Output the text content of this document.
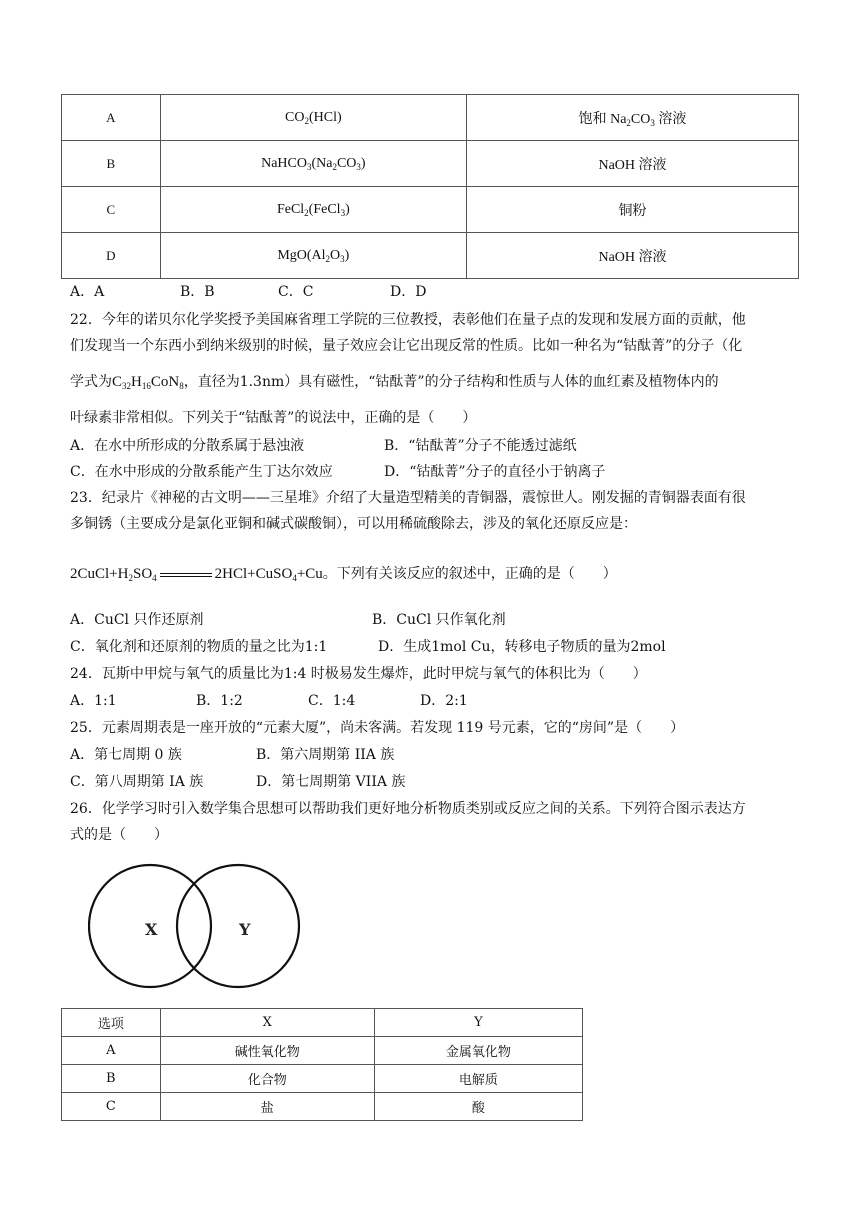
A	$CO_2(HCl)$	饱和 $Na_2CO_3$ 溶液
B	$NaHCO_3(Na_2CO_3)$	NaOH 溶液
C	FeCl$_2$(FeCl$_3$)	铜粉
D	$MgO(Al_2O_3)$	NaOH 溶液
A．A	B．B	C．C	D．D
22．今年的诺贝尔化学奖授予美国麻省理工学院的三位教授，表彰他们在量子点的发现和发展方面的贡献，他
们发现当一个东西小到纳米级别的时候，量子效应会让它出现反常的性质。比如一种名为“钴酞菁”的分子（化
学式为$C_{32}H_{16}CoN_8$，直径为1.3nm）具有磁性，“钴酞菁”的分子结构和性质与人体的血红素及植物体内的
叶绿素非常相似。下列关于“钴酞菁”的说法中，正确的是（　　）
A．在水中所形成的分散系属于悬浊液	B．“钴酞菁”分子不能透过滤纸
C．在水中形成的分散系能产生丁达尔效应	D．“钴酞菁”分子的直径小于钠离子
23．纪录片《神秘的古文明——三星堆》介绍了大量造型精美的青铜器，震惊世人。刚发掘的青铜器表面有很
多铜锈（主要成分是氯化亚铜和碱式碳酸铜），可以用稀硫酸除去，涉及的氧化还原反应是：
$2CuCl+H_2SO_4$	2HCl+CuSO$_4$+Cu。下列有关该反应的叙述中，正确的是（　　）
A．CuCl 只作还原剂	B．CuCl 只作氧化剂
C．氧化剂和还原剂的物质的量之比为1:1	D．生成1mol Cu，转移电子物质的量为2mol
24．瓦斯中甲烷与氧气的质量比为1:4 时极易发生爆炸，此时甲烷与氧气的体积比为（　　）
A．1:1	B．1:2	C．1:4	D．2:1
25．元素周期表是一座开放的“元素大厦”，尚未客满。若发现 119 号元素，它的“房间”是（　　）
A．第七周期 0 族	B．第六周期第 IIA 族
C．第八周期第 IA 族	D．第七周期第 VIIA 族
26．化学学习时引入数学集合思想可以帮助我们更好地分析物质类别或反应之间的关系。下列符合图示表达方
式的是（　　）
X	Y
选项	X	Y
A	碱性氧化物	金属氧化物
B	化合物	电解质
C	盐	酸
